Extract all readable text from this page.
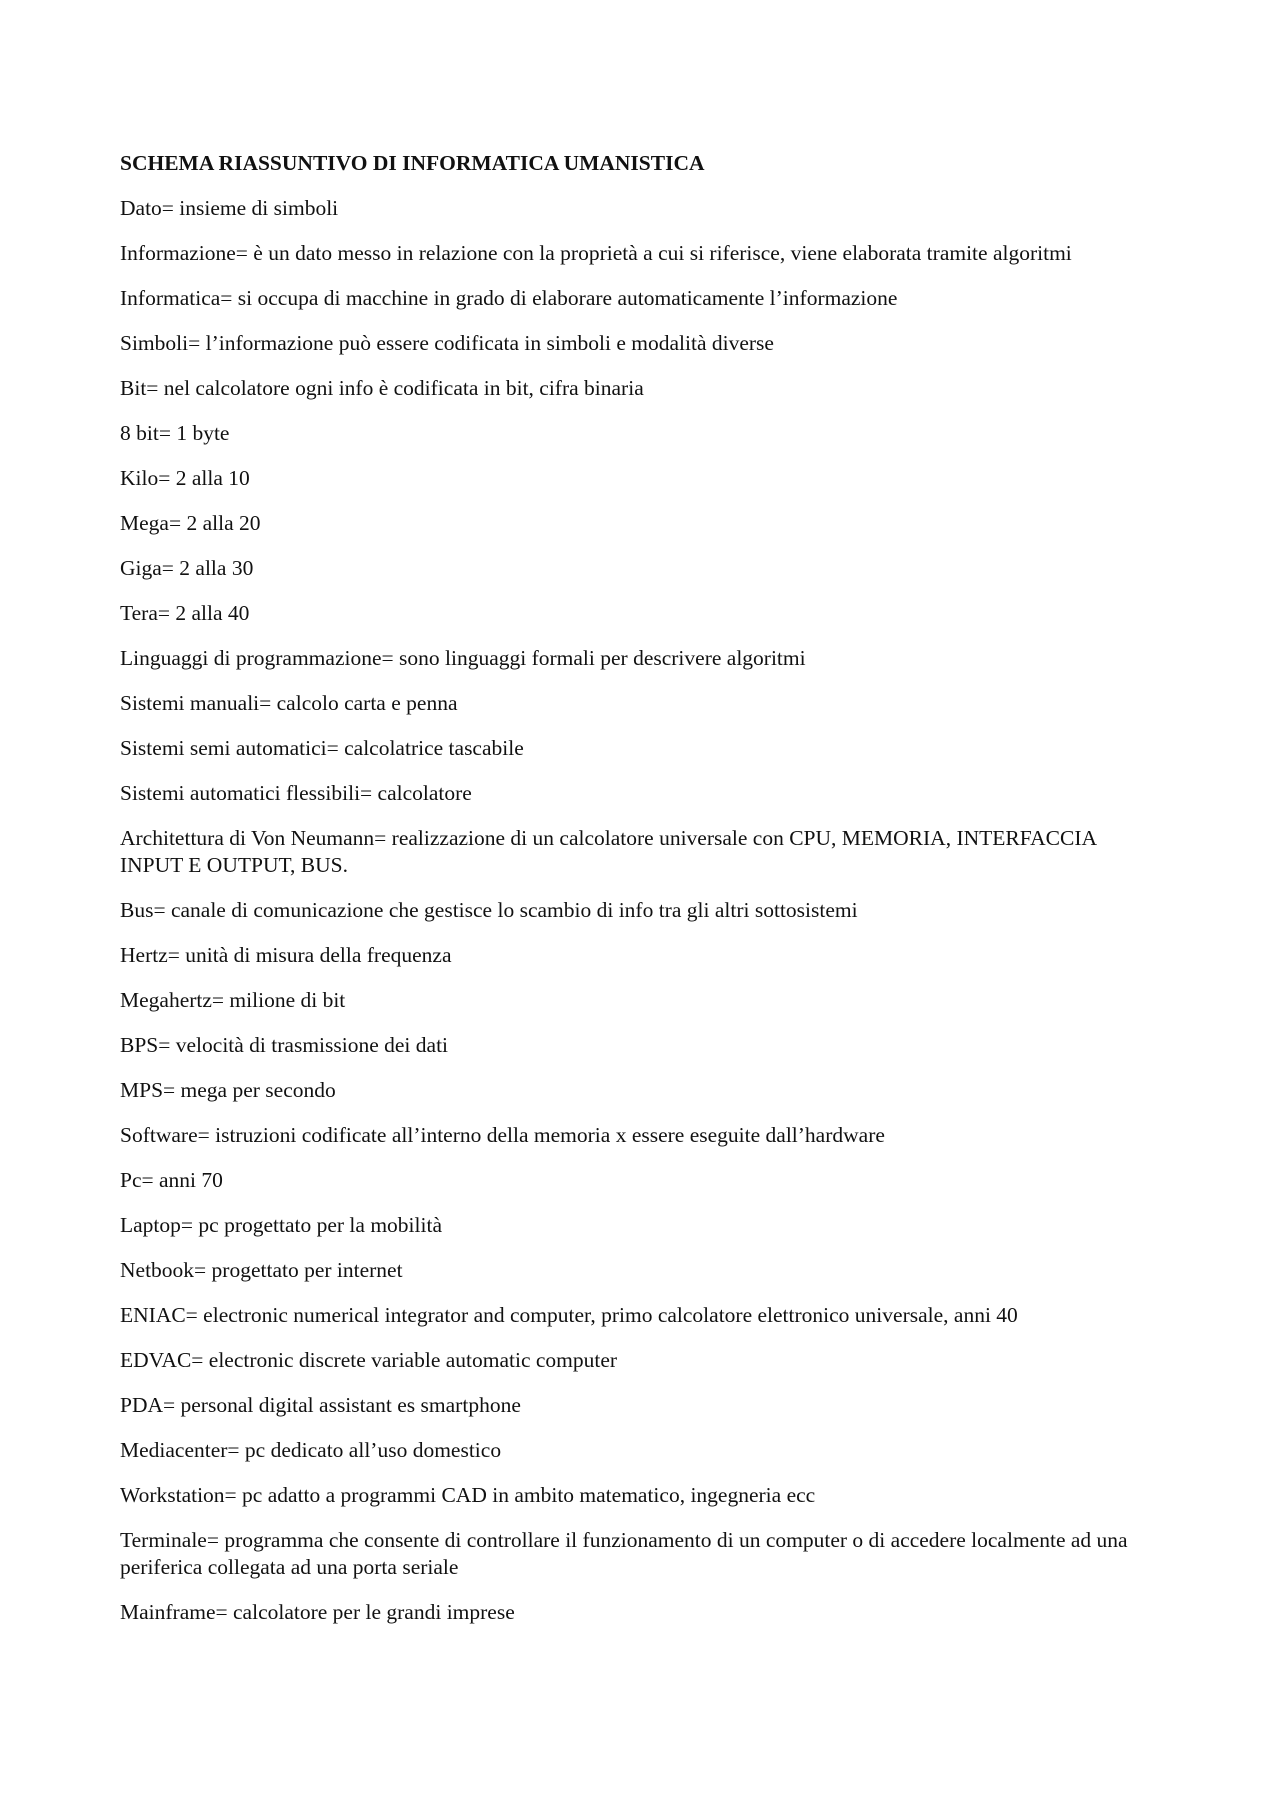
SCHEMA RIASSUNTIVO DI INFORMATICA UMANISTICA
Dato= insieme di simboli
Informazione= è un dato messo in relazione con la proprietà a cui si riferisce, viene elaborata tramite algoritmi
Informatica= si occupa di macchine in grado di elaborare automaticamente l’informazione
Simboli= l’informazione può essere codificata in simboli e modalità diverse
Bit= nel calcolatore ogni info è codificata in bit, cifra binaria
8 bit= 1 byte
Kilo= 2 alla 10
Mega= 2 alla 20
Giga= 2 alla 30
Tera= 2 alla 40
Linguaggi di programmazione= sono linguaggi formali per descrivere algoritmi
Sistemi manuali= calcolo carta e penna
Sistemi semi automatici= calcolatrice tascabile
Sistemi automatici flessibili= calcolatore
Architettura di Von Neumann= realizzazione di un calcolatore universale con CPU, MEMORIA, INTERFACCIA INPUT E OUTPUT, BUS.
Bus= canale di comunicazione che gestisce lo scambio di info tra gli altri sottosistemi
Hertz= unità di misura della frequenza
Megahertz= milione di bit
BPS= velocità di trasmissione dei dati
MPS= mega per secondo
Software= istruzioni codificate all’interno della memoria x essere eseguite dall’hardware
Pc= anni 70
Laptop= pc progettato per la mobilità
Netbook= progettato per internet
ENIAC= electronic numerical integrator and computer, primo calcolatore elettronico universale, anni 40
EDVAC= electronic discrete variable automatic computer
PDA= personal digital assistant es smartphone
Mediacenter= pc dedicato all’uso domestico
Workstation= pc adatto a programmi CAD in ambito matematico, ingegneria ecc
Terminale= programma che consente di controllare il funzionamento di un computer o di accedere localmente ad una periferica collegata ad una porta seriale
Mainframe= calcolatore per le grandi imprese
